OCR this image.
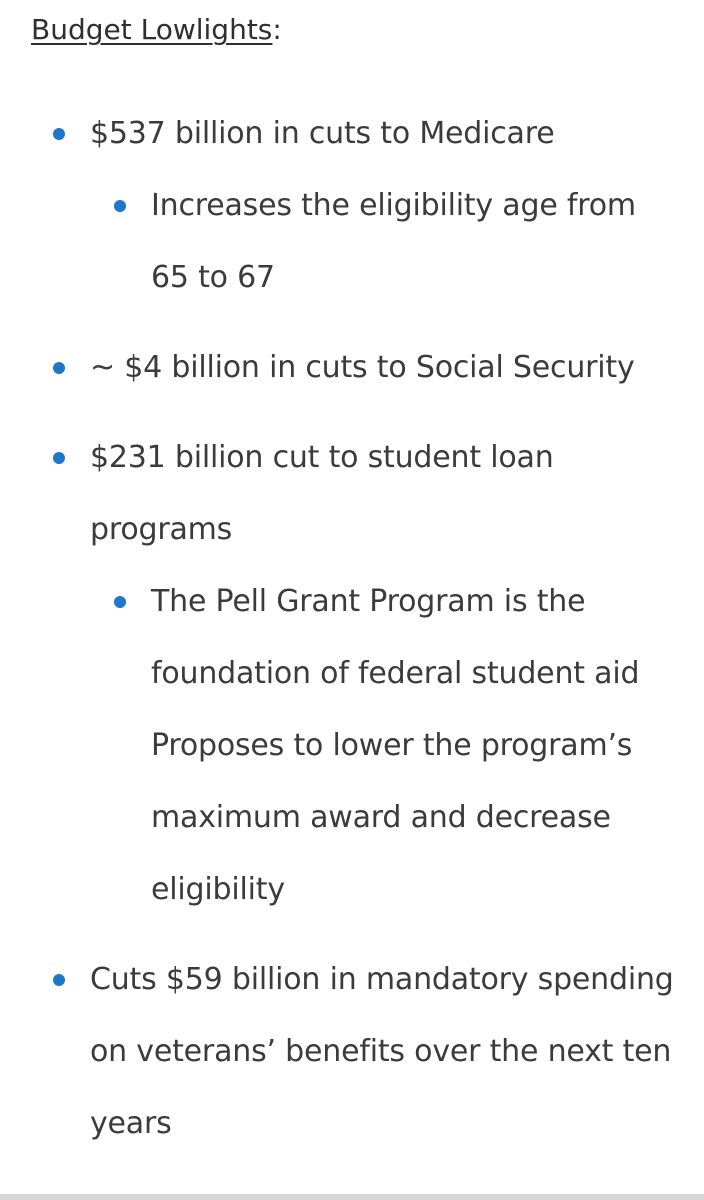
Budget Lowlights:
$537 billion in cuts to Medicare
Increases the eligibility age from 65 to 67
~ $4 billion in cuts to Social Security
$231 billion cut to student loan programs
The Pell Grant Program is the foundation of federal student aid Proposes to lower the program’s maximum award and decrease eligibility
Cuts $59 billion in mandatory spending on veterans’ benefits over the next ten years
